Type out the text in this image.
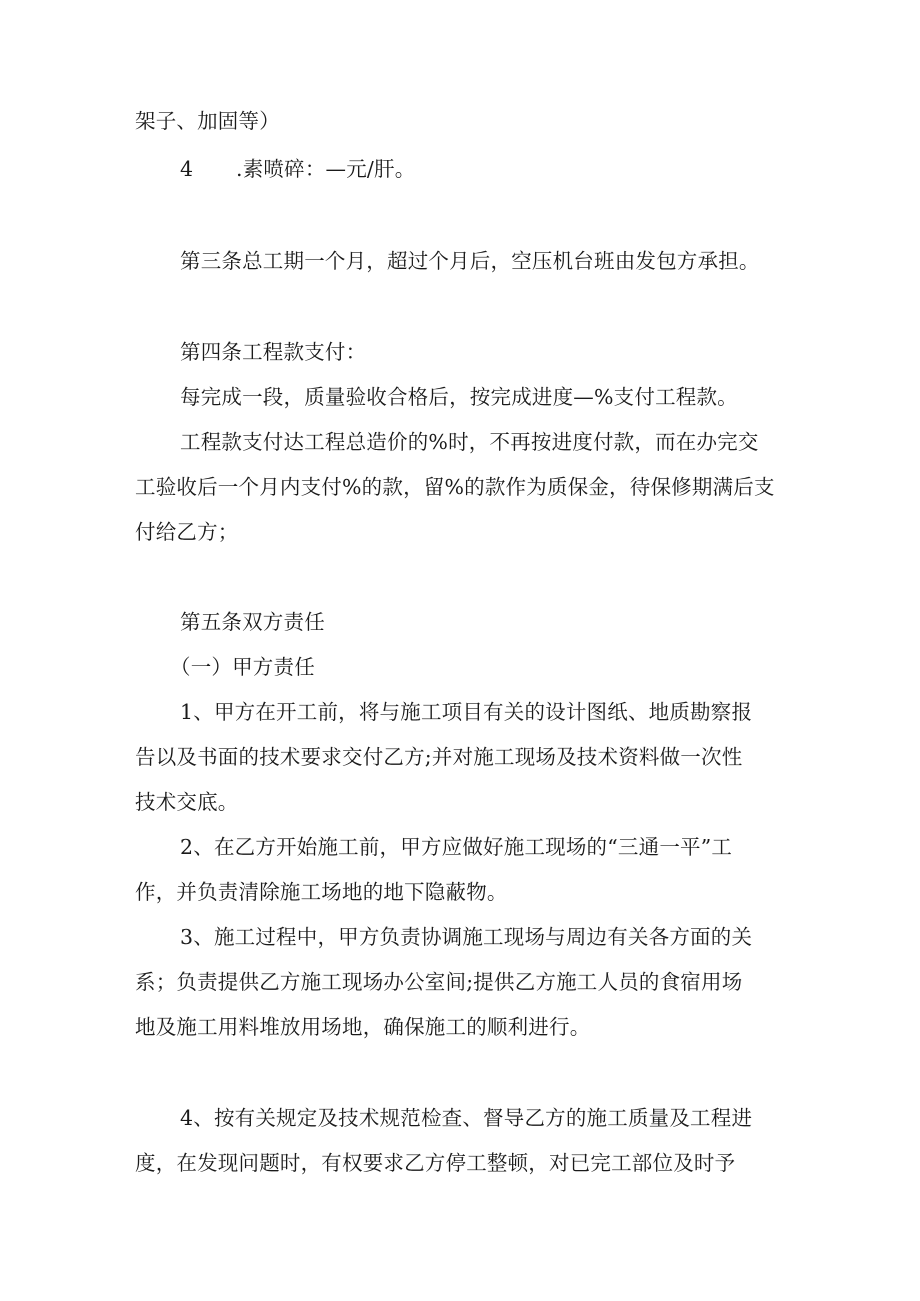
架子、加固等）
4 .素喷碎：—元/肝。
第三条总工期一个月，超过个月后，空压机台班由发包方承担。
第四条工程款支付：
每完成一段，质量验收合格后，按完成进度—%支付工程款。
工程款支付达工程总造价的%时，不再按进度付款，而在办完交
工验收后一个月内支付%的款，留%的款作为质保金，待保修期满后支
付给乙方；
第五条双方责任
（一）甲方责任
1、甲方在开工前，将与施工项目有关的设计图纸、地质勘察报
告以及书面的技术要求交付乙方;并对施工现场及技术资料做一次性
技术交底。
2、在乙方开始施工前，甲方应做好施工现场的“三通一平”工
作，并负责清除施工场地的地下隐蔽物。
3、施工过程中，甲方负责协调施工现场与周边有关各方面的关
系；负责提供乙方施工现场办公室间;提供乙方施工人员的食宿用场
地及施工用料堆放用场地，确保施工的顺利进行。
4、按有关规定及技术规范检查、督导乙方的施工质量及工程进
度，在发现问题时，有权要求乙方停工整顿，对已完工部位及时予
